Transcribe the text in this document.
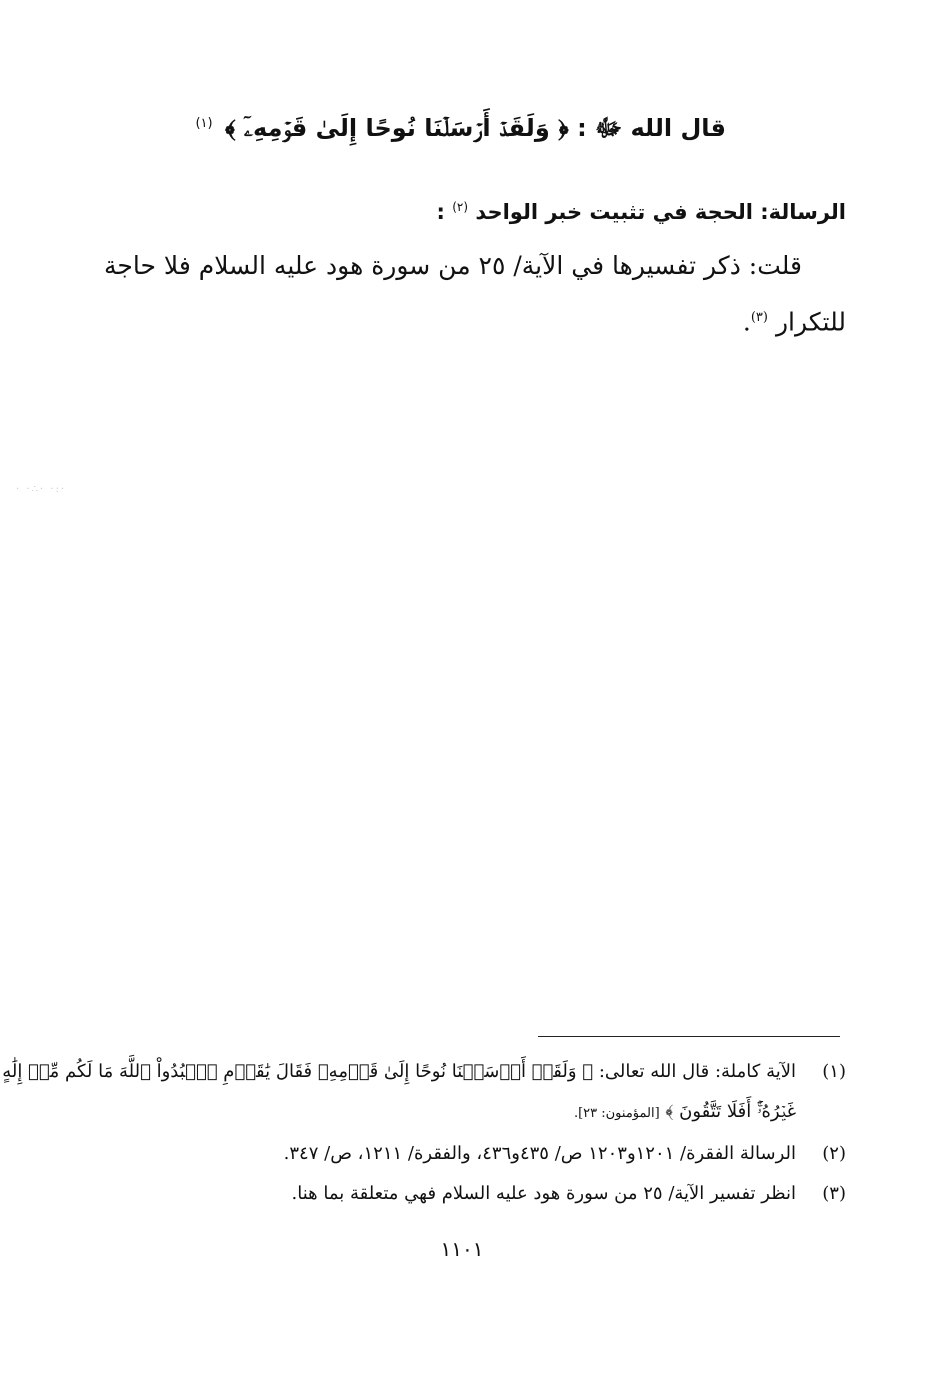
قال الله ﷻ : ﴿ وَلَقَدۡ أَرۡسَلۡنَا نُوحًا إِلَىٰ قَوۡمِهِۦٓ ﴾ $^{(١)}$
الرسالة: الحجة في تثبيت خبر الواحد $^{(٢)}$ :
قلت: ذكر تفسيرها في الآية/ ٢٥ من سورة هود عليه السلام فلا حاجة
للتكرار $^{(٣)}$.
·:· ·∴· ·
(١)
الآية كاملة: قال الله تعالى: ﴿ وَلَقَدۡ أَرۡسَلۡنَا نُوحًا إِلَىٰ قَوۡمِهِۦ فَقَالَ يَٰقَوۡمِ ٱعۡبُدُواْ ٱللَّهَ مَا لَكُم مِّنۡ إِلَٰهٍ
غَيۡرُهُۥٓۚ أَفَلَا تَتَّقُونَ ﴾ [المؤمنون: ٢٣].
(٢)
الرسالة الفقرة/ ١٢٠١و١٢٠٣ ص/ ٤٣٥و٤٣٦، والفقرة/ ١٢١١، ص/ ٣٤٧.
(٣)
انظر تفسير الآية/ ٢٥ من سورة هود عليه السلام فهي متعلقة بما هنا.
١١٠١
